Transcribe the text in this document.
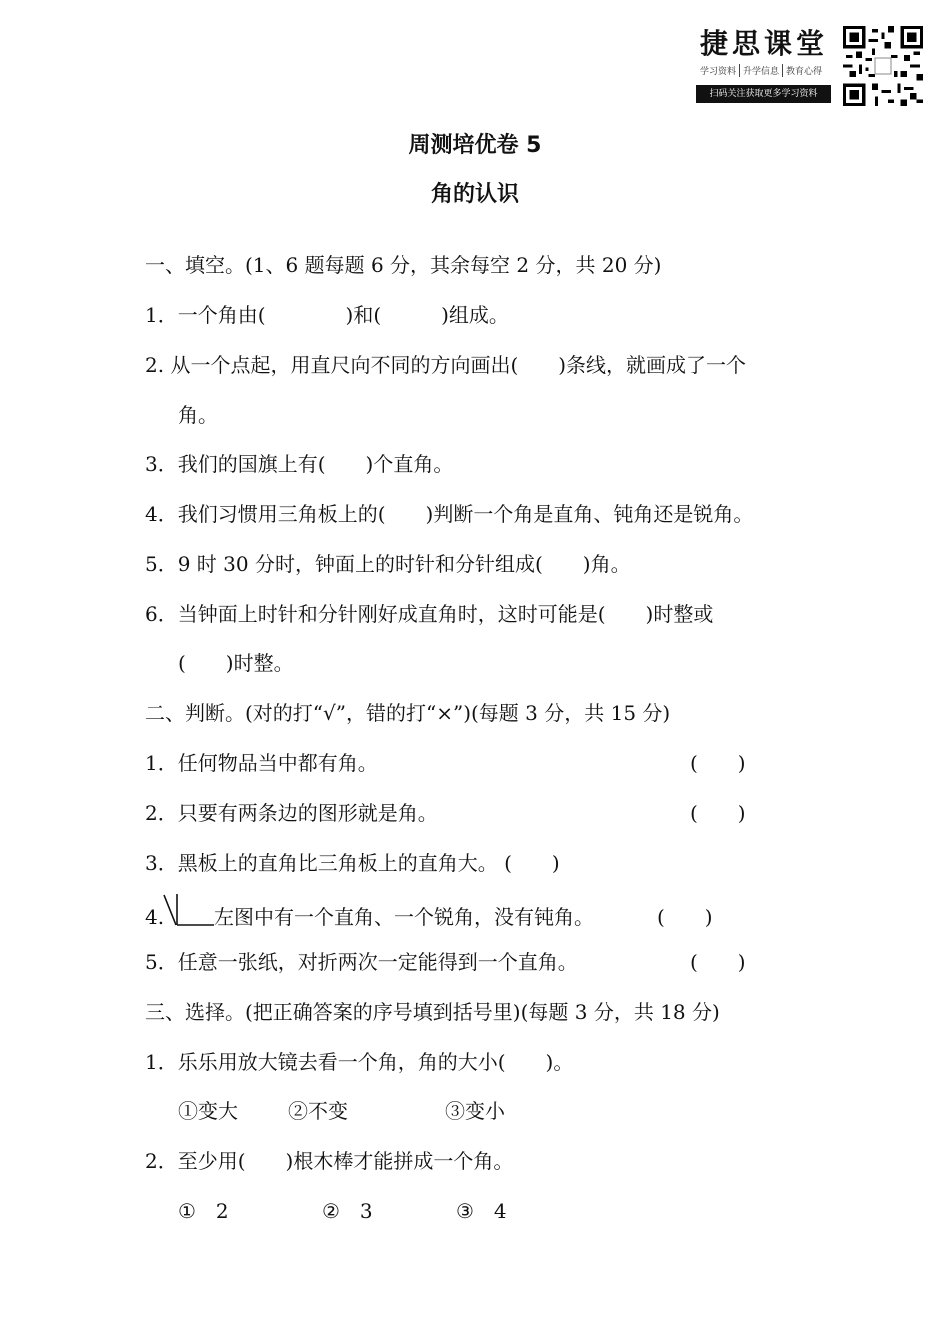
捷思课堂
学习资料 升学信息 教育心得
扫码关注获取更多学习资料
周测培优卷 5
角的认识
一、填空。(1、6 题每题 6 分，其余每空 2 分，共 20 分)
1．一个角由(　　　　)和(　　　)组成。
2. 从一个点起，用直尺向不同的方向画出(　　)条线，就画成了一个
角。
3．我们的国旗上有(　　)个直角。
4．我们习惯用三角板上的(　　)判断一个角是直角、钝角还是锐角。
5．9 时 30 分时，钟面上的时针和分针组成(　　)角。
6．当钟面上时针和分针刚好成直角时，这时可能是(　　)时整或
(　　)时整。
二、判断。(对的打“√”，错的打“×”)(每题 3 分，共 15 分)
1．任何物品当中都有角。	(　　)
2．只要有两条边的图形就是角。	(　　)
3．黑板上的直角比三角板上的直角大。 (　　)
4. 左图中有一个直角、一个锐角，没有钝角。	(　　)
5．任意一张纸，对折两次一定能得到一个直角。	(　　)
三、选择。(把正确答案的序号填到括号里)(每题 3 分，共 18 分)
1．乐乐用放大镜去看一个角，角的大小(　　)。
①变大	②不变	③变小
2．至少用(　　)根木棒才能拼成一个角。
①　2	②　3	③　4
